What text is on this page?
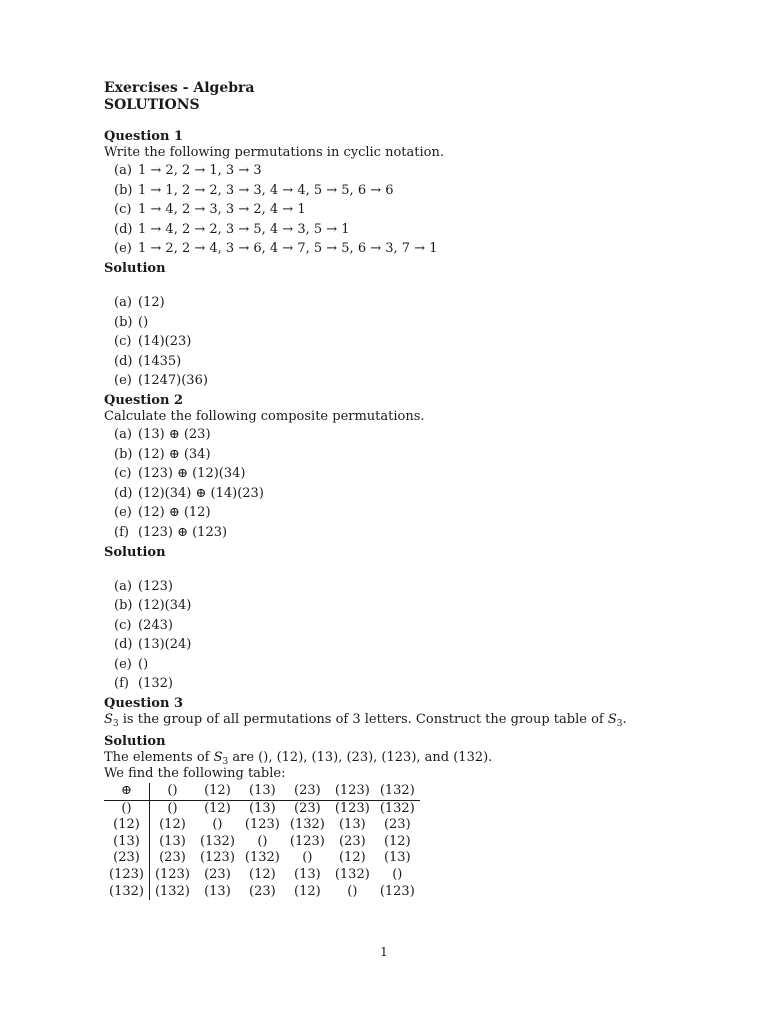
Exercises - Algebra

SOLUTIONS

Question 1

Write the following permutations in cyclic notation.

(a) 1 → 2, 2 → 1, 3 → 3

(b) 1 → 1, 2 → 2, 3 → 3, 4 → 4, 5 → 5, 6 → 6

(c) 1 → 4, 2 → 3, 3 → 2, 4 → 1

(d) 1 → 4, 2 → 2, 3 → 5, 4 → 3, 5 → 1

(e) 1 → 2, 2 → 4, 3 → 6, 4 → 7, 5 → 5, 6 → 3, 7 → 1

Solution

(a) (12)

(b) ()

(c) (14)(23)

(d) (1435)

(e) (1247)(36)

Question 2

Calculate the following composite permutations.

(a) (13) ⊕ (23)

(b) (12) ⊕ (34)

(c) (123) ⊕ (12)(34)

(d) (12)(34) ⊕ (14)(23)

(e) (12) ⊕ (12)

(f) (123) ⊕ (123)

Solution

(a) (123)

(b) (12)(34)

(c) (243)

(d) (13)(24)

(e) ()

(f) (132)

Question 3

$S_3$ is the group of all permutations of 3 letters. Construct the group table of $S_3$.

Solution

The elements of $S_3$ are (), (12), (13), (23), (123), and (132).

We find the following table:

⊕	()	(12)	(13)	(23)	(123)	(132)
()	()	(12)	(13)	(23)	(123)	(132)
(12)	(12)	()	(123)	(132)	(13)	(23)
(13)	(13)	(132)	()	(123)	(23)	(12)
(23)	(23)	(123)	(132)	()	(12)	(13)
(123)	(123)	(23)	(12)	(13)	(132)	()
(132)	(132)	(13)	(23)	(12)	()	(123)
1
